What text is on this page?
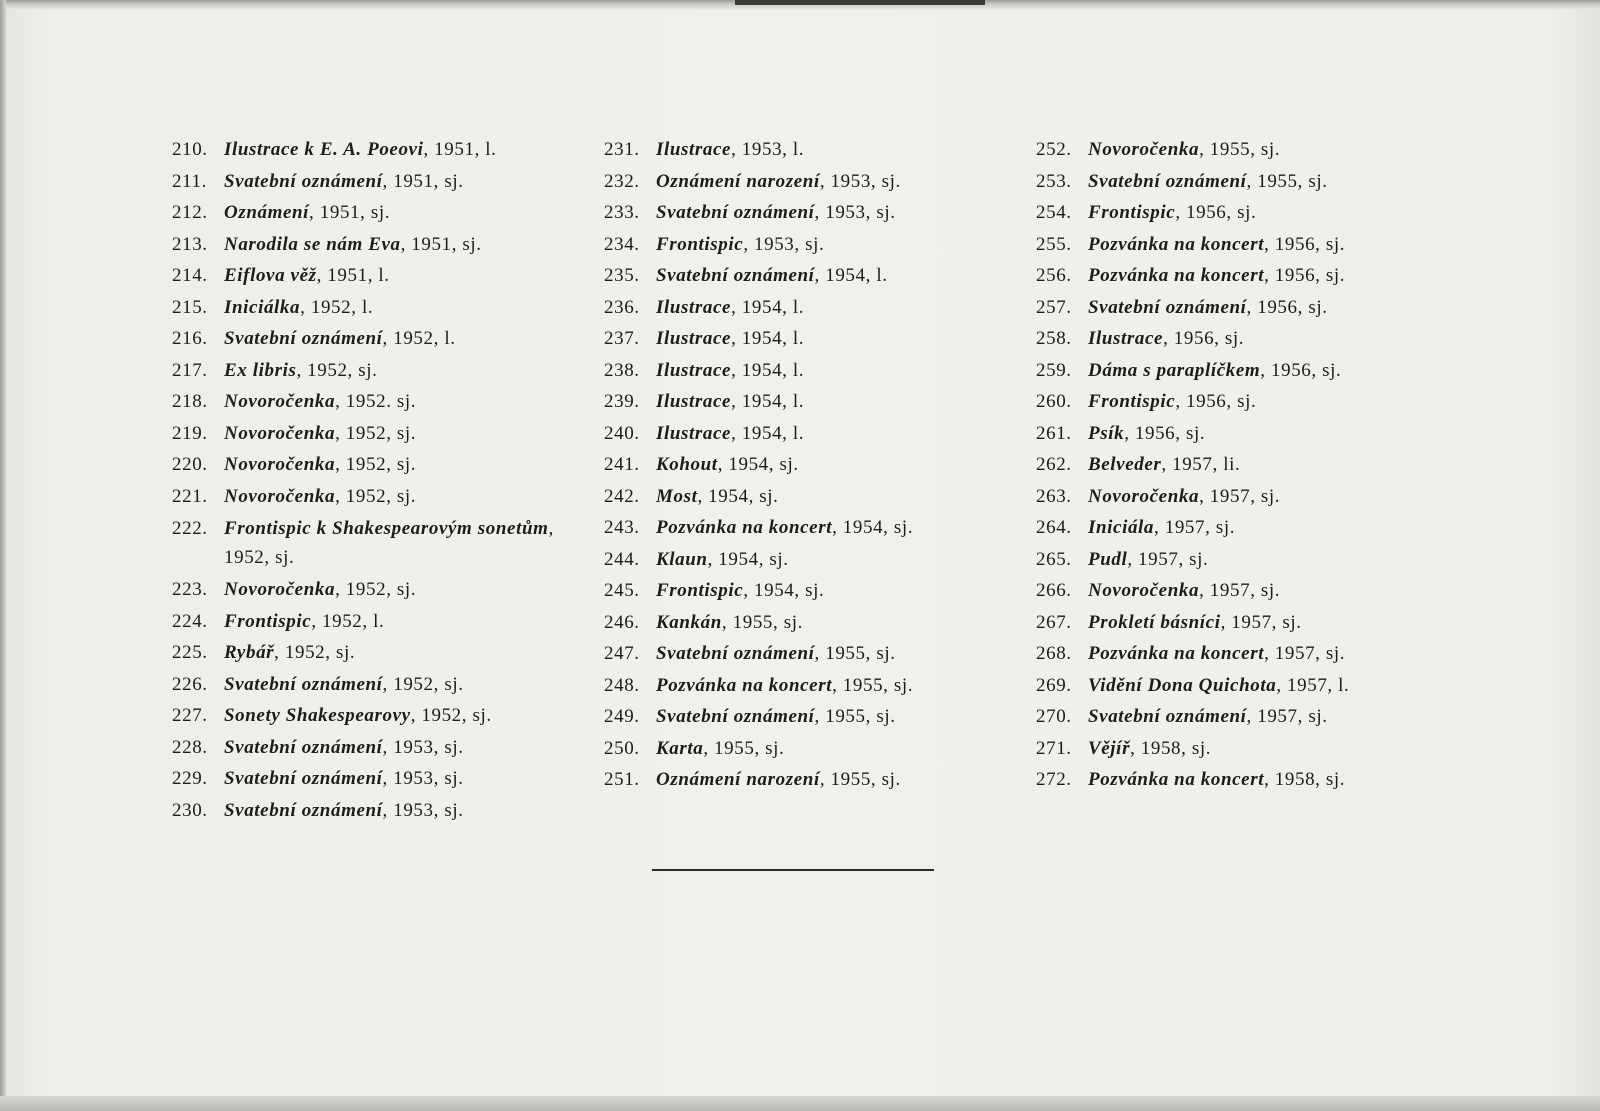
210. Ilustrace k E. A. Poeovi, 1951, l.
211. Svatební oznámení, 1951, sj.
212. Oznámení, 1951, sj.
213. Narodila se nám Eva, 1951, sj.
214. Eiflova věž, 1951, l.
215. Iniciálka, 1952, l.
216. Svatební oznámení, 1952, l.
217. Ex libris, 1952, sj.
218. Novoročenka, 1952. sj.
219. Novoročenka, 1952, sj.
220. Novoročenka, 1952, sj.
221. Novoročenka, 1952, sj.
222. Frontispic k Shakespearovým sonetům, 1952, sj.
223. Novoročenka, 1952, sj.
224. Frontispic, 1952, l.
225. Rybář, 1952, sj.
226. Svatební oznámení, 1952, sj.
227. Sonety Shakespearovy, 1952, sj.
228. Svatební oznámení, 1953, sj.
229. Svatební oznámení, 1953, sj.
230. Svatební oznámení, 1953, sj.
231. Ilustrace, 1953, l.
232. Oznámení narození, 1953, sj.
233. Svatební oznámení, 1953, sj.
234. Frontispic, 1953, sj.
235. Svatební oznámení, 1954, l.
236. Ilustrace, 1954, l.
237. Ilustrace, 1954, l.
238. Ilustrace, 1954, l.
239. Ilustrace, 1954, l.
240. Ilustrace, 1954, l.
241. Kohout, 1954, sj.
242. Most, 1954, sj.
243. Pozvánka na koncert, 1954, sj.
244. Klaun, 1954, sj.
245. Frontispic, 1954, sj.
246. Kankán, 1955, sj.
247. Svatební oznámení, 1955, sj.
248. Pozvánka na koncert, 1955, sj.
249. Svatební oznámení, 1955, sj.
250. Karta, 1955, sj.
251. Oznámení narození, 1955, sj.
252. Novoročenka, 1955, sj.
253. Svatební oznámení, 1955, sj.
254. Frontispic, 1956, sj.
255. Pozvánka na koncert, 1956, sj.
256. Pozvánka na koncert, 1956, sj.
257. Svatební oznámení, 1956, sj.
258. Ilustrace, 1956, sj.
259. Dáma s paraplíčkem, 1956, sj.
260. Frontispic, 1956, sj.
261. Psík, 1956, sj.
262. Belveder, 1957, li.
263. Novoročenka, 1957, sj.
264. Iniciála, 1957, sj.
265. Pudl, 1957, sj.
266. Novoročenka, 1957, sj.
267. Prokletí básníci, 1957, sj.
268. Pozvánka na koncert, 1957, sj.
269. Vidění Dona Quichota, 1957, l.
270. Svatební oznámení, 1957, sj.
271. Vějíř, 1958, sj.
272. Pozvánka na koncert, 1958, sj.
